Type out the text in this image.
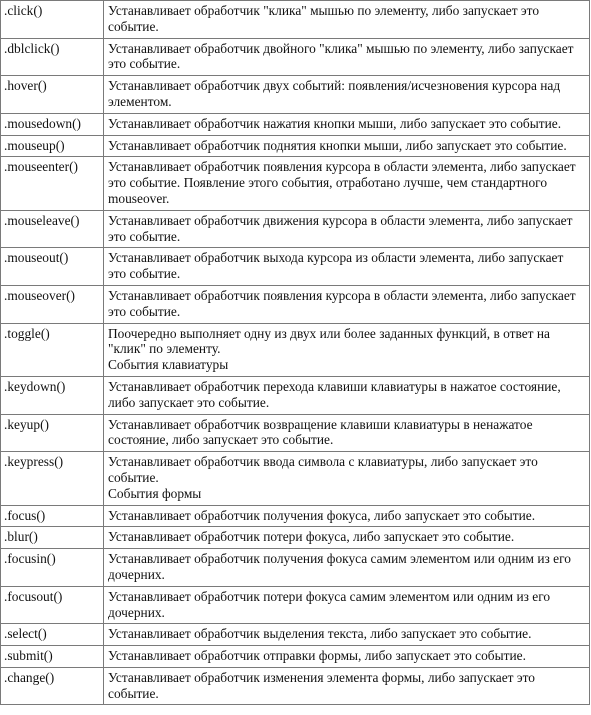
.click()	Устанавливает обработчик "клика" мышью по элементу, либо запускает это событие.
.dblclick()	Устанавливает обработчик двойного "клика" мышью по элементу, либо запускает это событие.
.hover()	Устанавливает обработчик двух событий: появления/исчезновения курсора над элементом.
.mousedown()	Устанавливает обработчик нажатия кнопки мыши, либо запускает это событие.
.mouseup()	Устанавливает обработчик поднятия кнопки мыши, либо запускает это событие.
.mouseenter()	Устанавливает обработчик появления курсора в области элемента, либо запускает это событие. Появление этого события, отработано лучше, чем стандартного mouseover.
.mouseleave()	Устанавливает обработчик движения курсора в области элемента, либо запускает это событие.
.mouseout()	Устанавливает обработчик выхода курсора из области элемента, либо запускает это событие.
.mouseover()	Устанавливает обработчик появления курсора в области элемента, либо запускает это событие.
.toggle()	Поочередно выполняет одну из двух или более заданных функций, в ответ на "клик" по элементу.
События клавиатуры

.keydown()	Устанавливает обработчик перехода клавиши клавиатуры в нажатое состояние, либо запускает это событие.
.keyup()	Устанавливает обработчик возвращение клавиши клавиатуры в ненажатое состояние, либо запускает это событие.
.keypress()	Устанавливает обработчик ввода символа с клавиатуры, либо запускает это событие.
События формы

.focus()	Устанавливает обработчик получения фокуса, либо запускает это событие.
.blur()	Устанавливает обработчик потери фокуса, либо запускает это событие.
.focusin()	Устанавливает обработчик получения фокуса самим элементом или одним из его дочерних.
.focusout()	Устанавливает обработчик потери фокуса самим элементом или одним из его дочерних.
.select()	Устанавливает обработчик выделения текста, либо запускает это событие.
.submit()	Устанавливает обработчик отправки формы, либо запускает это событие.
.change()	Устанавливает обработчик изменения элемента формы, либо запускает это событие.
